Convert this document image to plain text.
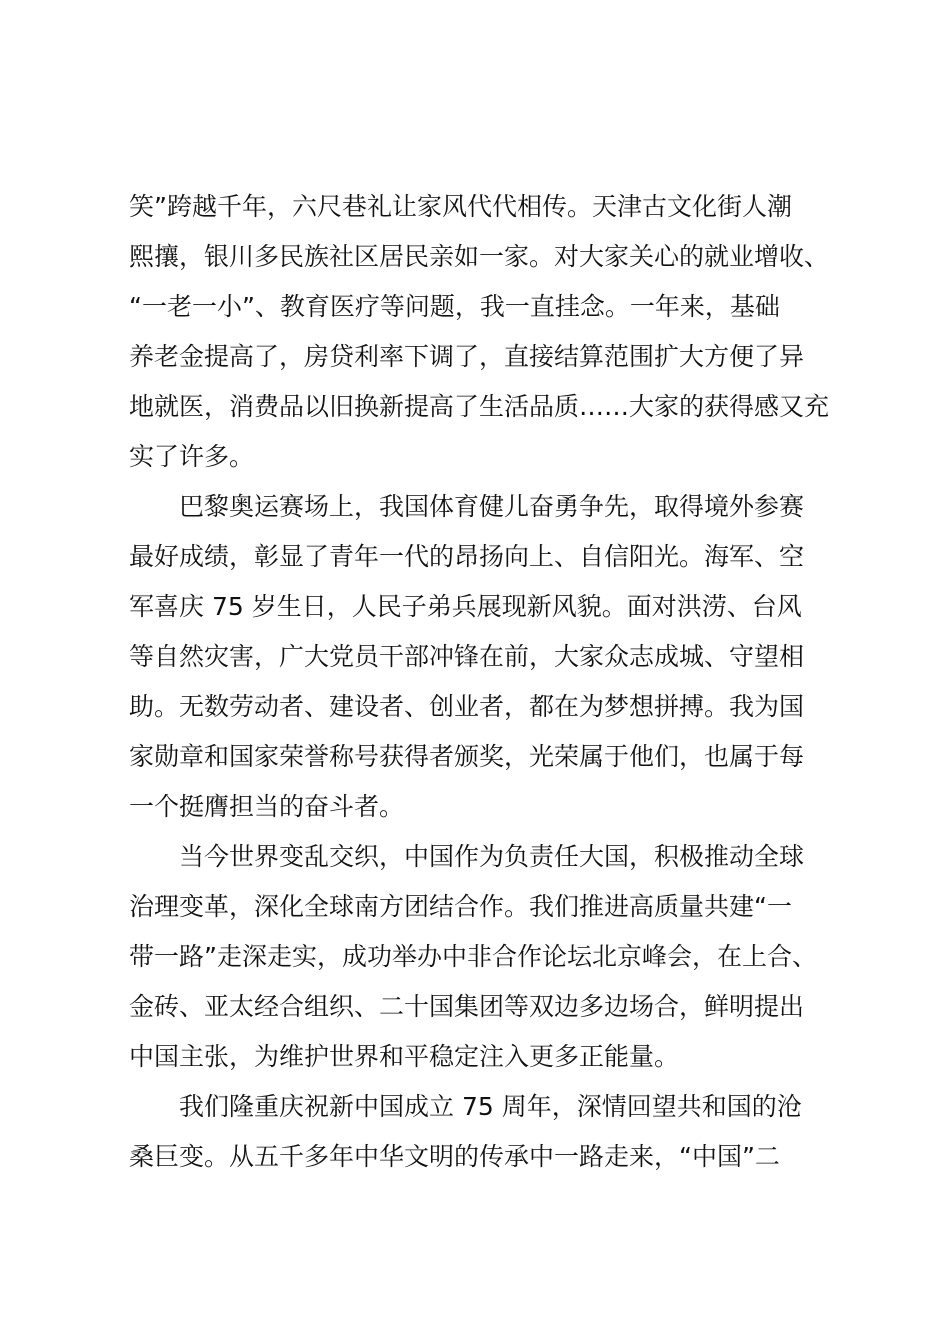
笑”跨越千年，六尺巷礼让家风代代相传。天津古文化街人潮
熙攘，银川多民族社区居民亲如一家。对大家关心的就业增收、
“一老一小”、教育医疗等问题，我一直挂念。一年来，基础
养老金提高了，房贷利率下调了，直接结算范围扩大方便了异
地就医，消费品以旧换新提高了生活品质……大家的获得感又充
实了许多。
巴黎奥运赛场上，我国体育健儿奋勇争先，取得境外参赛
最好成绩，彰显了青年一代的昂扬向上、自信阳光。海军、空
军喜庆 75 岁生日，人民子弟兵展现新风貌。面对洪涝、台风
等自然灾害，广大党员干部冲锋在前，大家众志成城、守望相
助。无数劳动者、建设者、创业者，都在为梦想拼搏。我为国
家勋章和国家荣誉称号获得者颁奖，光荣属于他们，也属于每
一个挺膺担当的奋斗者。
当今世界变乱交织，中国作为负责任大国，积极推动全球
治理变革，深化全球南方团结合作。我们推进高质量共建“一
带一路”走深走实，成功举办中非合作论坛北京峰会，在上合、
金砖、亚太经合组织、二十国集团等双边多边场合，鲜明提出
中国主张，为维护世界和平稳定注入更多正能量。
我们隆重庆祝新中国成立 75 周年，深情回望共和国的沧
桑巨变。从五千多年中华文明的传承中一路走来，“中国”二
